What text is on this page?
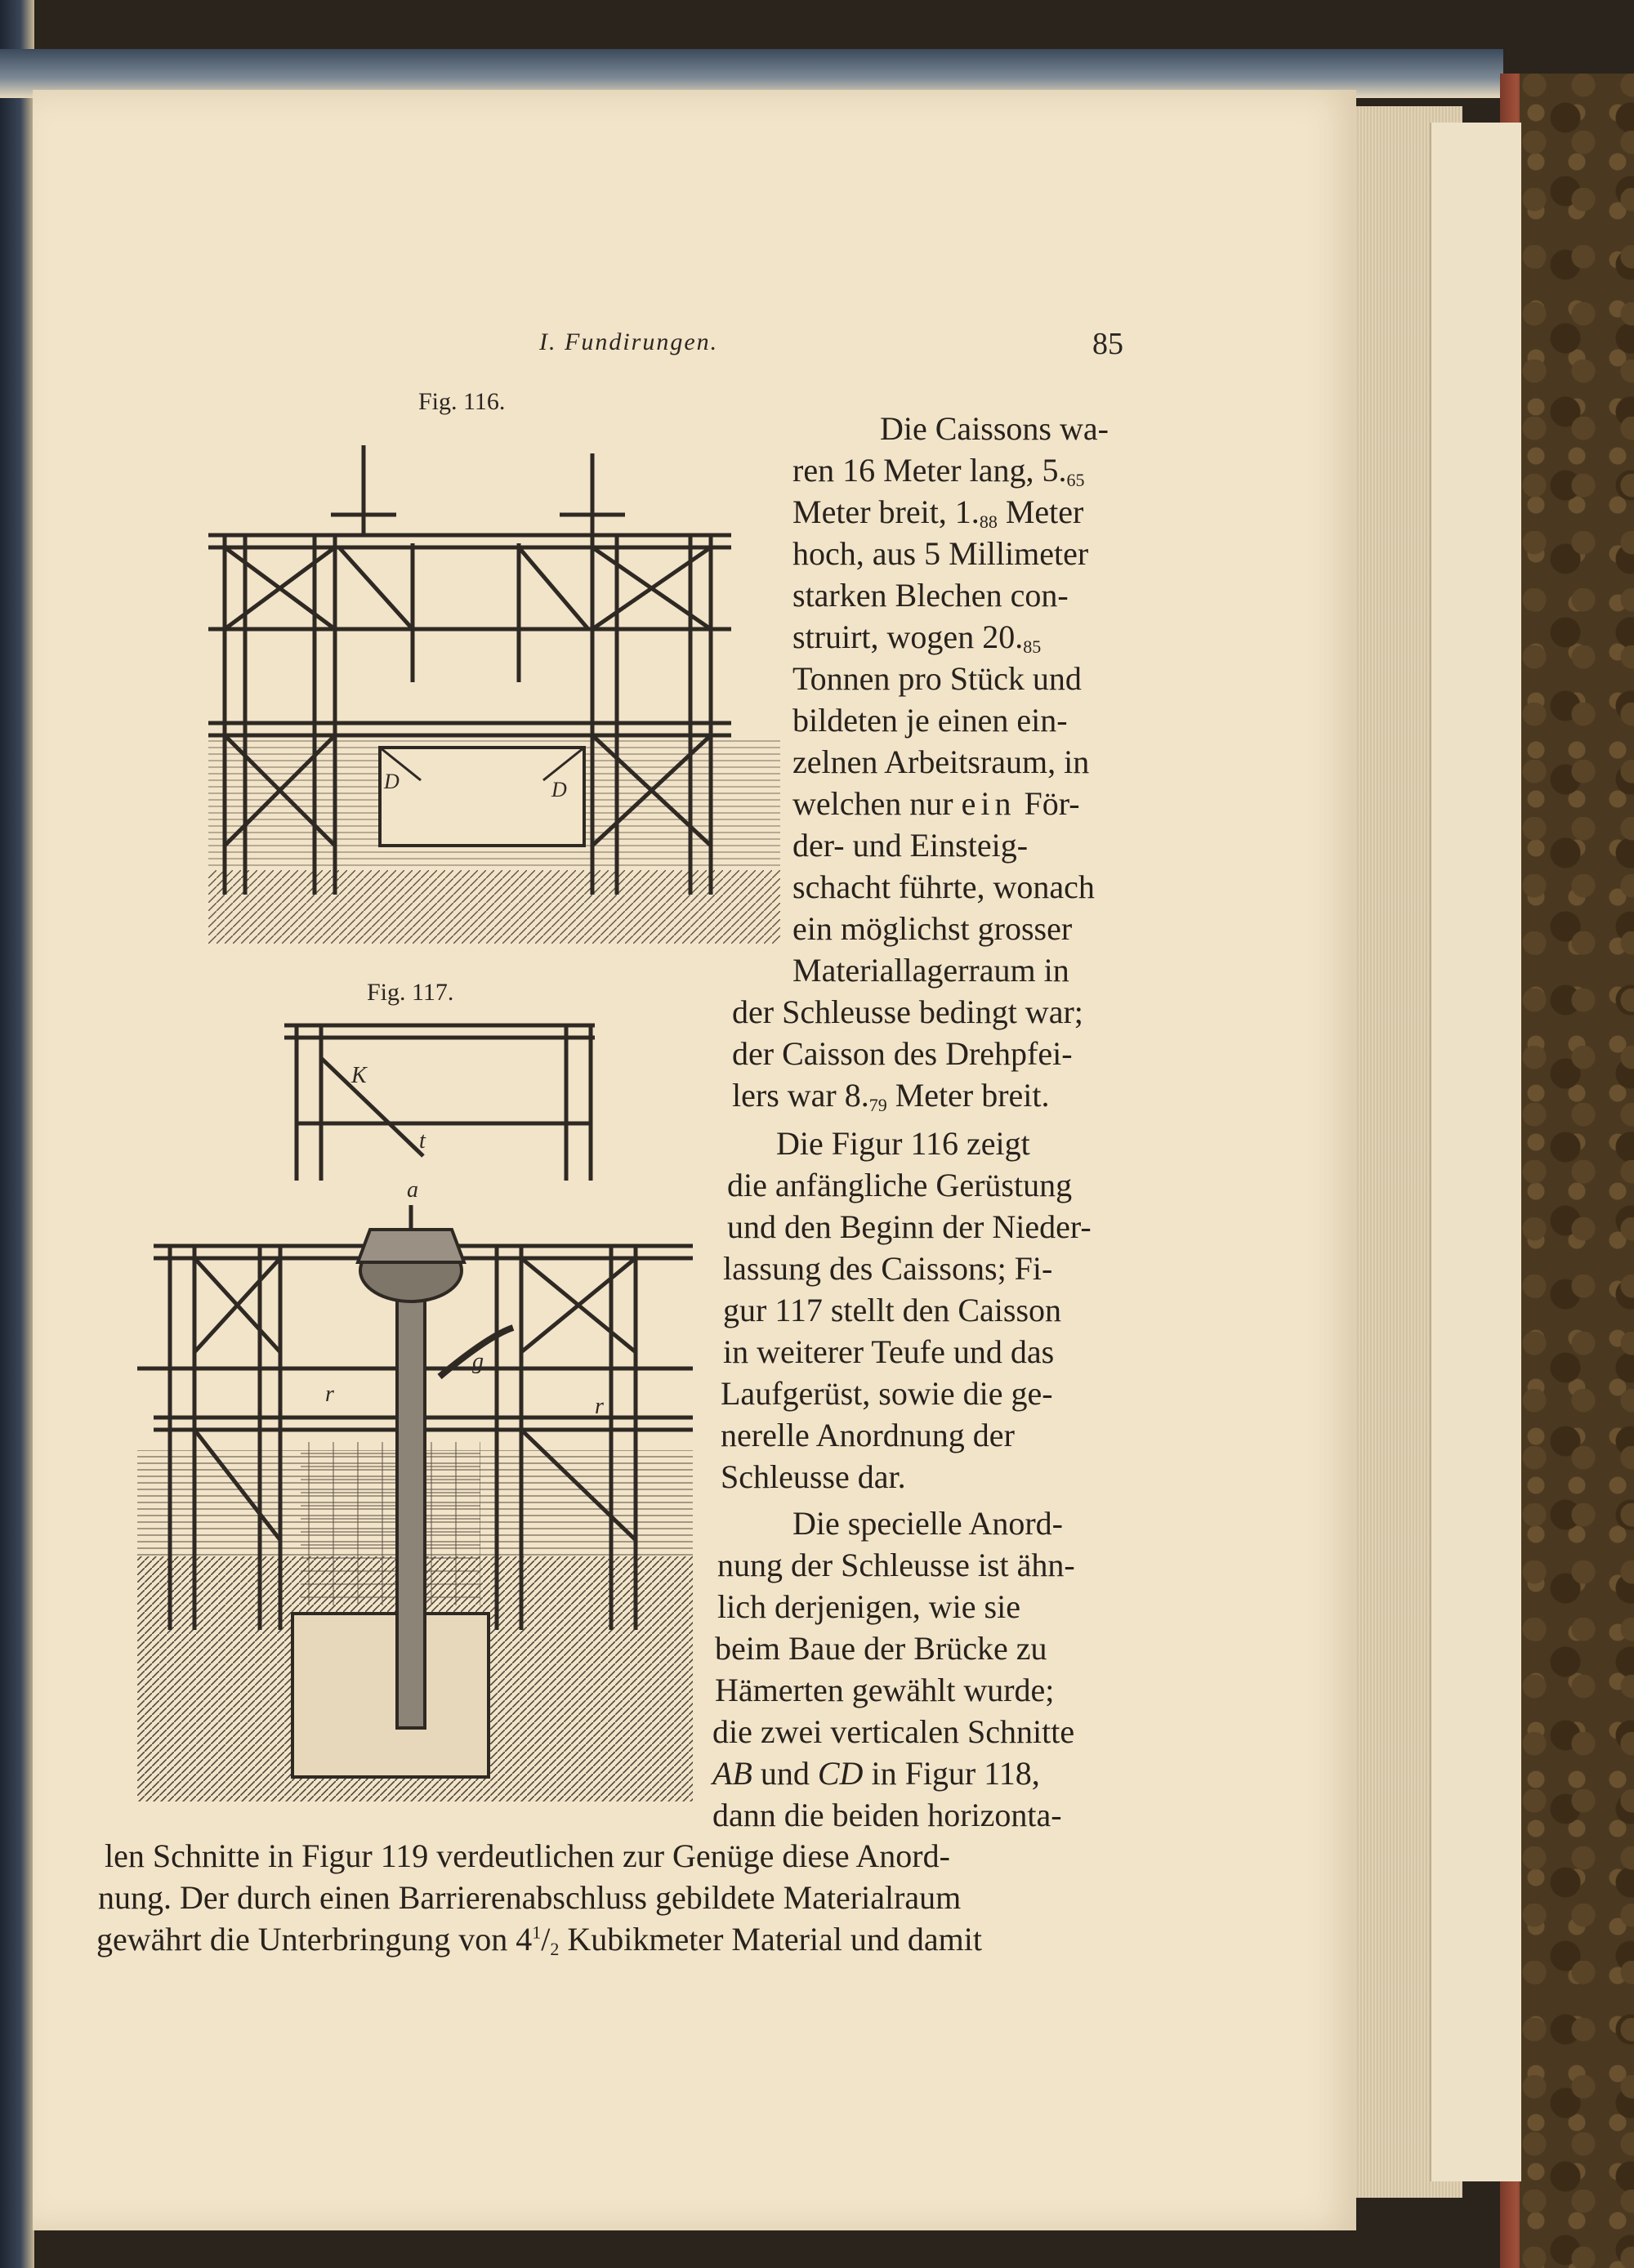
I. Fundirungen.	85
Fig. 116.
Fig. 117.
D	D
K
t
a
g
r	r
Die Caissons wa-
ren 16 Meter lang, $5._{65}$
Meter breit, $1._{88}$ Meter
hoch, aus 5 Millimeter
starken Blechen con-
struirt, wogen $20._{85}$
Tonnen pro Stück und
bildeten je einen ein-
zelnen Arbeitsraum, in
welchen nur ein För-
der- und Einsteig-
schacht führte, wonach
ein möglichst grosser
Materiallagerraum in
der Schleusse bedingt war;
der Caisson des Drehpfei-
lers war $8._{79}$ Meter breit.
Die Figur 116 zeigt
die anfängliche Gerüstung
und den Beginn der Nieder-
lassung des Caissons; Fi-
gur 117 stellt den Caisson
in weiterer Teufe und das
Laufgerüst, sowie die ge-
nerelle Anordnung der
Schleusse dar.
Die specielle Anord-
nung der Schleusse ist ähn-
lich derjenigen, wie sie
beim Baue der Brücke zu
Hämerten gewählt wurde;
die zwei verticalen Schnitte
AB und CD in Figur 118,
dann die beiden horizonta-
len Schnitte in Figur 119 verdeutlichen zur Genüge diese Anord-
nung. Der durch einen Barrierenabschluss gebildete Materialraum
gewährt die Unterbringung von $4^1/_2$ Kubikmeter Material und damit
